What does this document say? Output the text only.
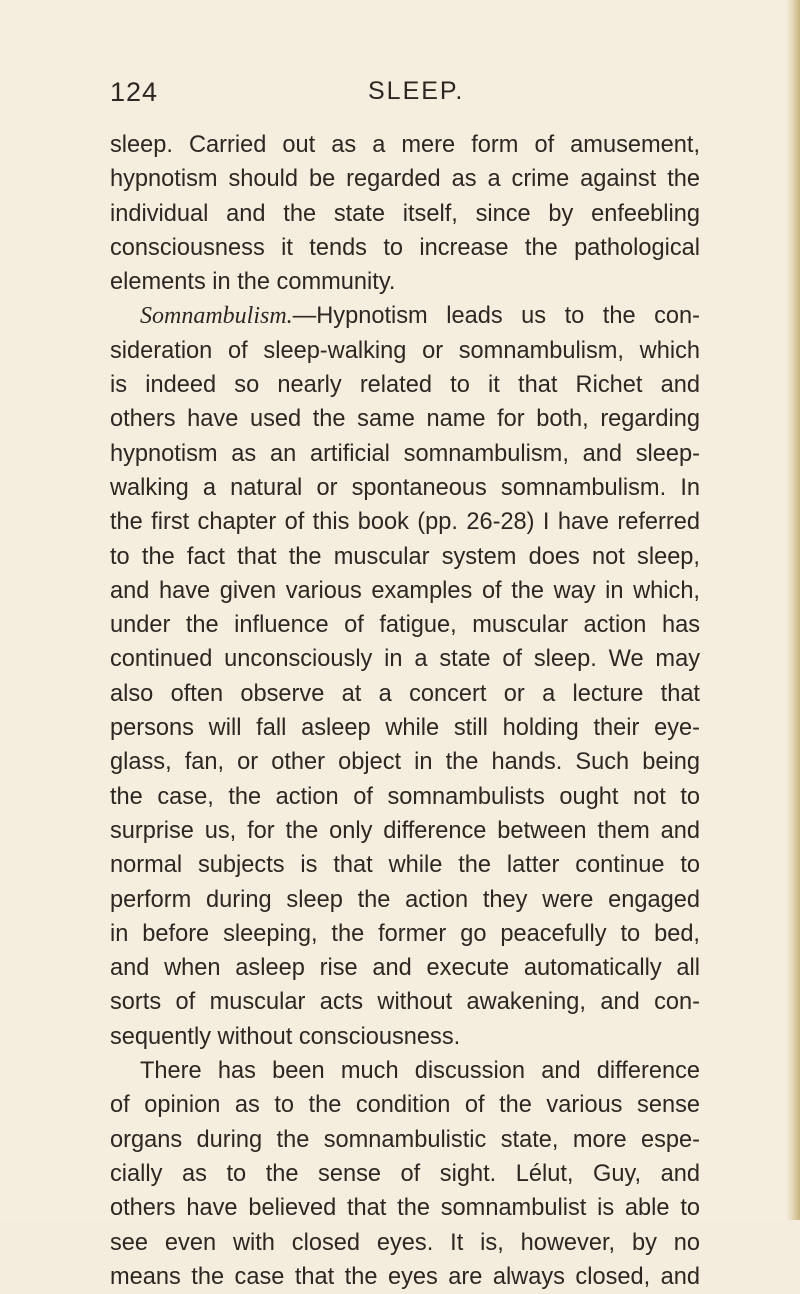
124	SLEEP.
sleep. Carried out as a mere form of amusement,
hypnotism should be regarded as a crime against the
individual and the state itself, since by enfeebling
consciousness it tends to increase the pathological
elements in the community.
Somnambulism.—Hypnotism leads us to the con-
sideration of sleep-walking or somnambulism, which
is indeed so nearly related to it that Richet and
others have used the same name for both, regarding
hypnotism as an artificial somnambulism, and sleep-
walking a natural or spontaneous somnambulism. In
the first chapter of this book (pp. 26-28) I have referred
to the fact that the muscular system does not sleep,
and have given various examples of the way in which,
under the influence of fatigue, muscular action has
continued unconsciously in a state of sleep. We may
also often observe at a concert or a lecture that
persons will fall asleep while still holding their eye-
glass, fan, or other object in the hands. Such being
the case, the action of somnambulists ought not to
surprise us, for the only difference between them and
normal subjects is that while the latter continue to
perform during sleep the action they were engaged
in before sleeping, the former go peacefully to bed,
and when asleep rise and execute automatically all
sorts of muscular acts without awakening, and con-
sequently without consciousness.
There has been much discussion and difference
of opinion as to the condition of the various sense
organs during the somnambulistic state, more espe-
cially as to the sense of sight. Lélut, Guy, and
others have believed that the somnambulist is able to
see even with closed eyes. It is, however, by no
means the case that the eyes are always closed, and
